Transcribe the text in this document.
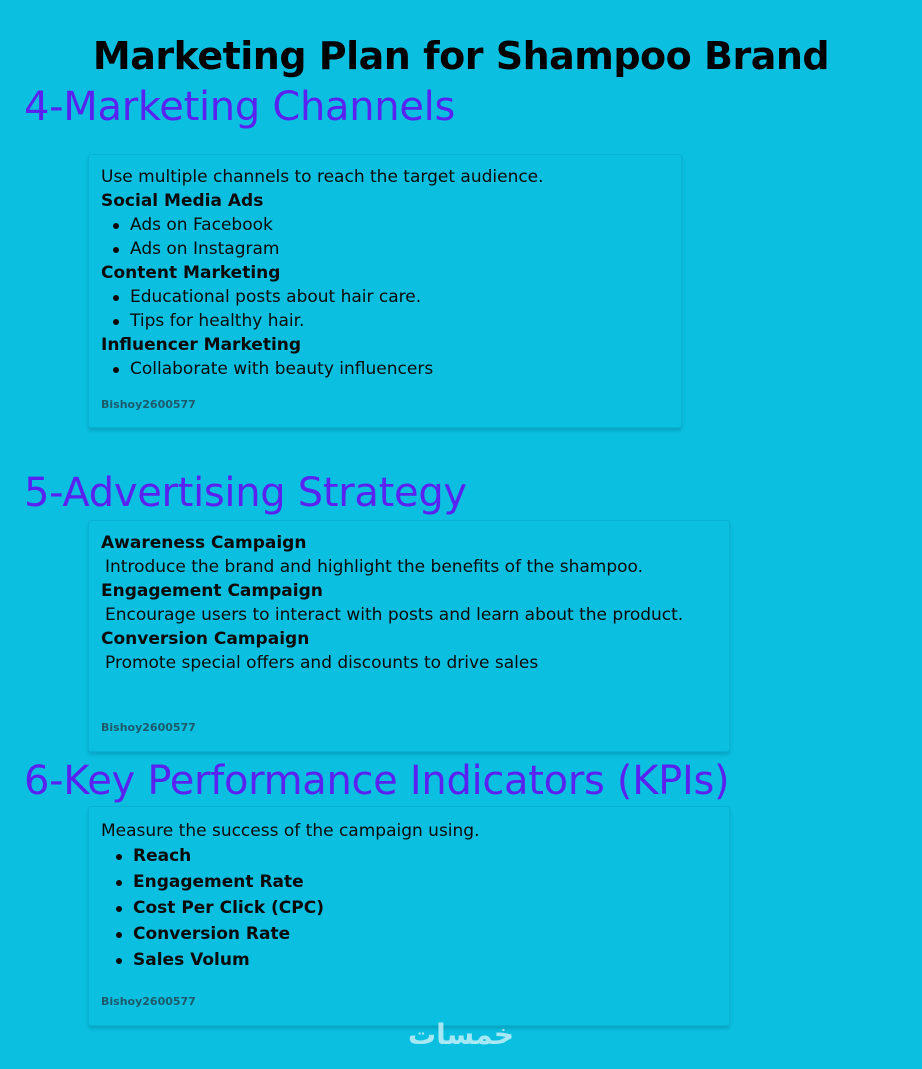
Marketing Plan for Shampoo Brand
4-Marketing Channels

Use multiple channels to reach the target audience.

Social Media Ads

Ads on Facebook
Ads on Instagram

Content Marketing

Educational posts about hair care.
Tips for healthy hair.

Influencer Marketing

Collaborate with beauty influencers
Bishoy2600577
5-Advertising Strategy

Awareness Campaign

Introduce the brand and highlight the benefits of the shampoo.

Engagement Campaign

Encourage users to interact with posts and learn about the product.

Conversion Campaign

Promote special offers and discounts to drive sales

Bishoy2600577
6-Key Performance Indicators (KPIs)

Measure the success of the campaign using.

Reach
Engagement Rate
Cost Per Click (CPC)
Conversion Rate
Sales Volum
Bishoy2600577
خمسات
